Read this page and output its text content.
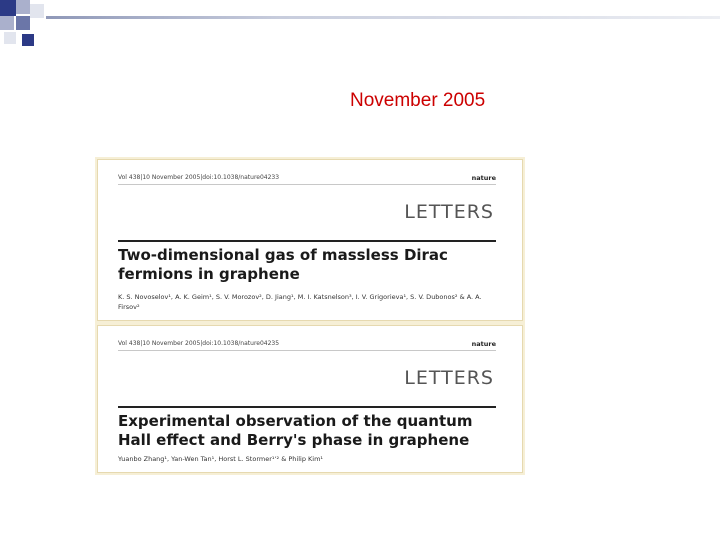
November 2005
Vol 438|10 November 2005|doi:10.1038/nature04233	nature
LETTERS
Two-dimensional gas of massless Dirac fermions in graphene
K. S. Novoselov¹, A. K. Geim¹, S. V. Morozov², D. Jiang¹, M. I. Katsnelson³, I. V. Grigorieva¹, S. V. Dubonos² & A. A. Firsov²
Vol 438|10 November 2005|doi:10.1038/nature04235	nature
LETTERS
Experimental observation of the quantum Hall effect and Berry's phase in graphene
Yuanbo Zhang¹, Yan-Wen Tan¹, Horst L. Stormer¹ʼ² & Philip Kim¹
